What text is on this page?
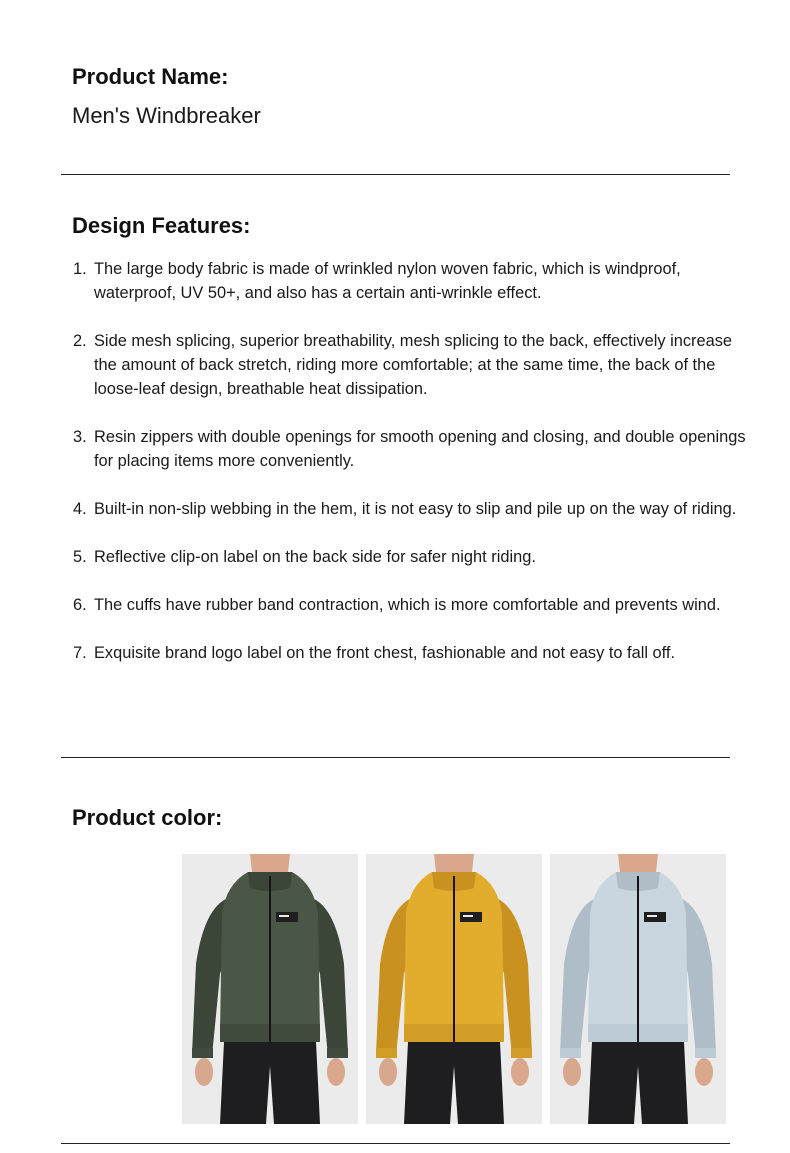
Product Name:

Men's Windbreaker

Design Features:
1. The large body fabric is made of wrinkled nylon woven fabric, which is windproof, waterproof, UV 50+, and also has a certain anti-wrinkle effect.
2. Side mesh splicing, superior breathability, mesh splicing to the back, effectively increase the amount of back stretch, riding more comfortable; at the same time, the back of the loose-leaf design, breathable heat dissipation.
3. Resin zippers with double openings for smooth opening and closing, and double openings for placing items more conveniently.
4. Built-in non-slip webbing in the hem, it is not easy to slip and pile up on the way of riding.
5. Reflective clip-on label on the back side for safer night riding.
6. The cuffs have rubber band contraction, which is more comfortable and prevents wind.
7. Exquisite brand logo label on the front chest, fashionable and not easy to fall off.
Product color:
